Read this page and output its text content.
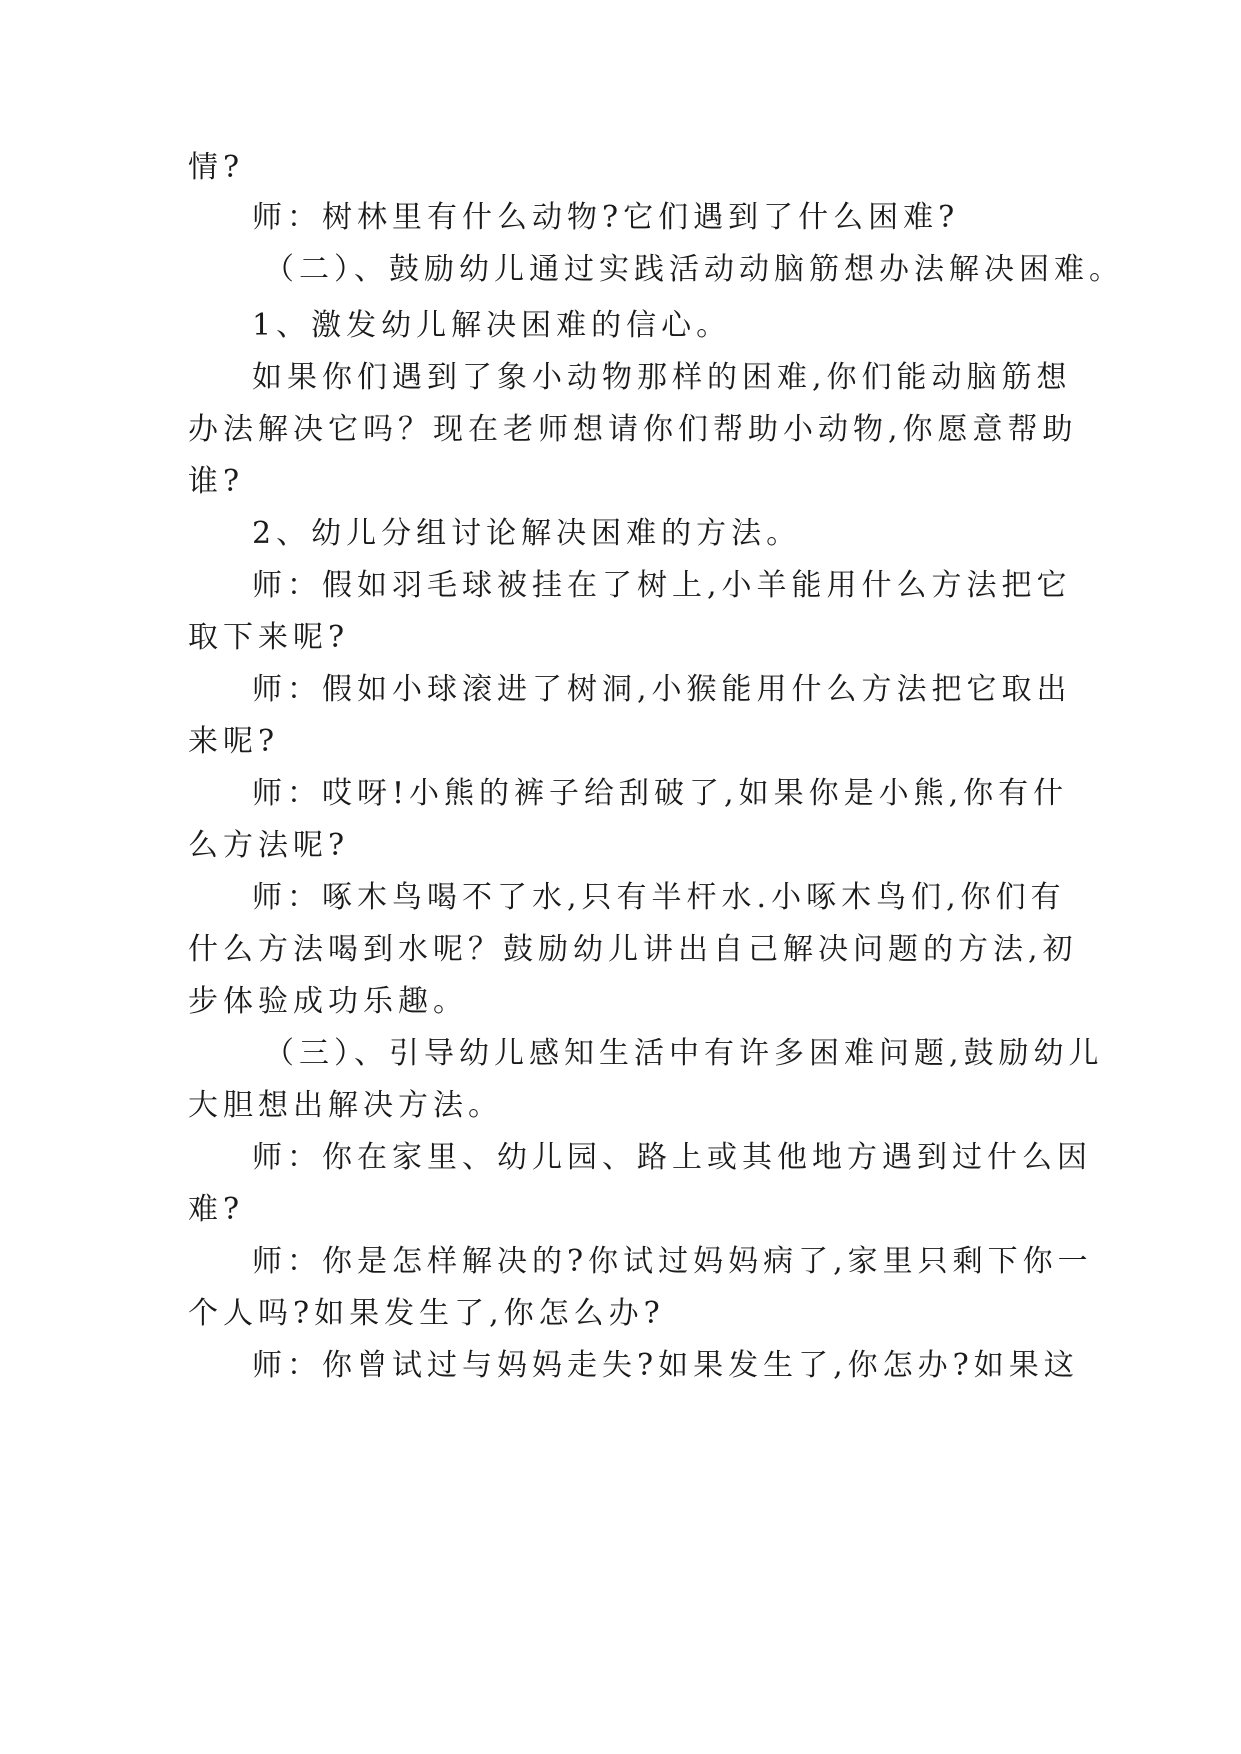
情?
师：树林里有什么动物?它们遇到了什么困难?
（二）、鼓励幼儿通过实践活动动脑筋想办法解决困难。
1、激发幼儿解决困难的信心。
如果你们遇到了象小动物那样的困难,你们能动脑筋想
办法解决它吗？现在老师想请你们帮助小动物,你愿意帮助
谁?
2、幼儿分组讨论解决困难的方法。
师：假如羽毛球被挂在了树上,小羊能用什么方法把它
取下来呢?
师：假如小球滚进了树洞,小猴能用什么方法把它取出
来呢?
师：哎呀!小熊的裤子给刮破了,如果你是小熊,你有什
么方法呢?
师：啄木鸟喝不了水,只有半杆水.小啄木鸟们,你们有
什么方法喝到水呢？鼓励幼儿讲出自己解决问题的方法,初
步体验成功乐趣。
（三）、引导幼儿感知生活中有许多困难问题,鼓励幼儿
大胆想出解决方法。
师：你在家里、幼儿园、路上或其他地方遇到过什么因
难?
师：你是怎样解决的?你试过妈妈病了,家里只剩下你一
个人吗?如果发生了,你怎么办?
师：你曾试过与妈妈走失?如果发生了,你怎办?如果这
